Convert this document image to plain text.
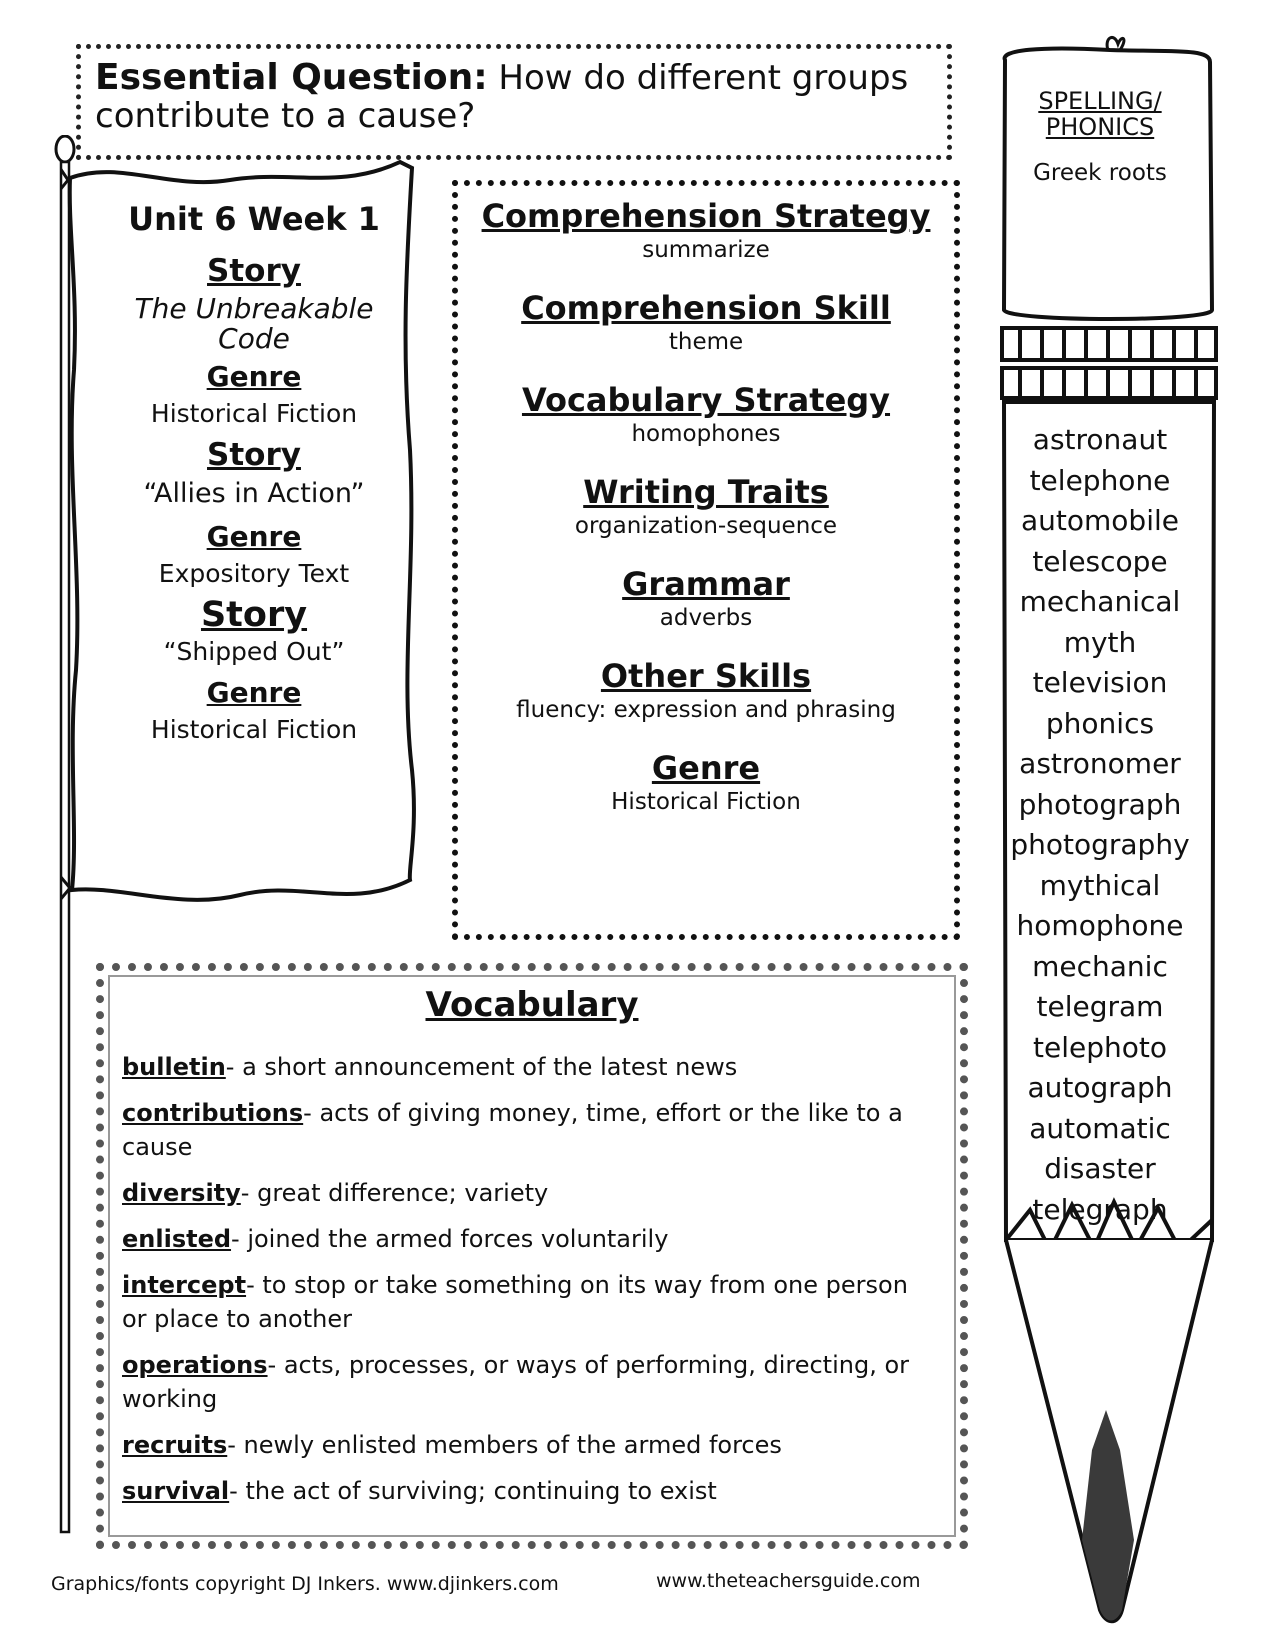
Essential Question: How do different groups contribute to a cause?
Unit 6 Week 1
Story
The Unbreakable Code
Genre
Historical Fiction
Story
“Allies in Action”
Genre
Expository Text
Story
“Shipped Out”
Genre
Historical Fiction
Comprehension Strategy
summarize
Comprehension Skill
theme
Vocabulary Strategy
homophones
Writing Traits
organization-sequence
Grammar
adverbs
Other Skills
fluency: expression and phrasing
Genre
Historical Fiction
Vocabulary
bulletin- a short announcement of the latest news
contributions- acts of giving money, time, effort or the like to a cause
diversity- great difference; variety
enlisted- joined the armed forces voluntarily
intercept- to stop or take something on its way from one person or place to another
operations- acts, processes, or ways of performing, directing, or working
recruits- newly enlisted members of the armed forces
survival- the act of surviving; continuing to exist
SPELLING/
PHONICS
Greek roots
astronaut
telephone
automobile
telescope
mechanical
myth
television
phonics
astronomer
photograph
photography
mythical
homophone
mechanic
telegram
telephoto
autograph
automatic
disaster
telegraph
Graphics/fonts copyright DJ Inkers. www.djinkers.com	www.theteachersguide.com
